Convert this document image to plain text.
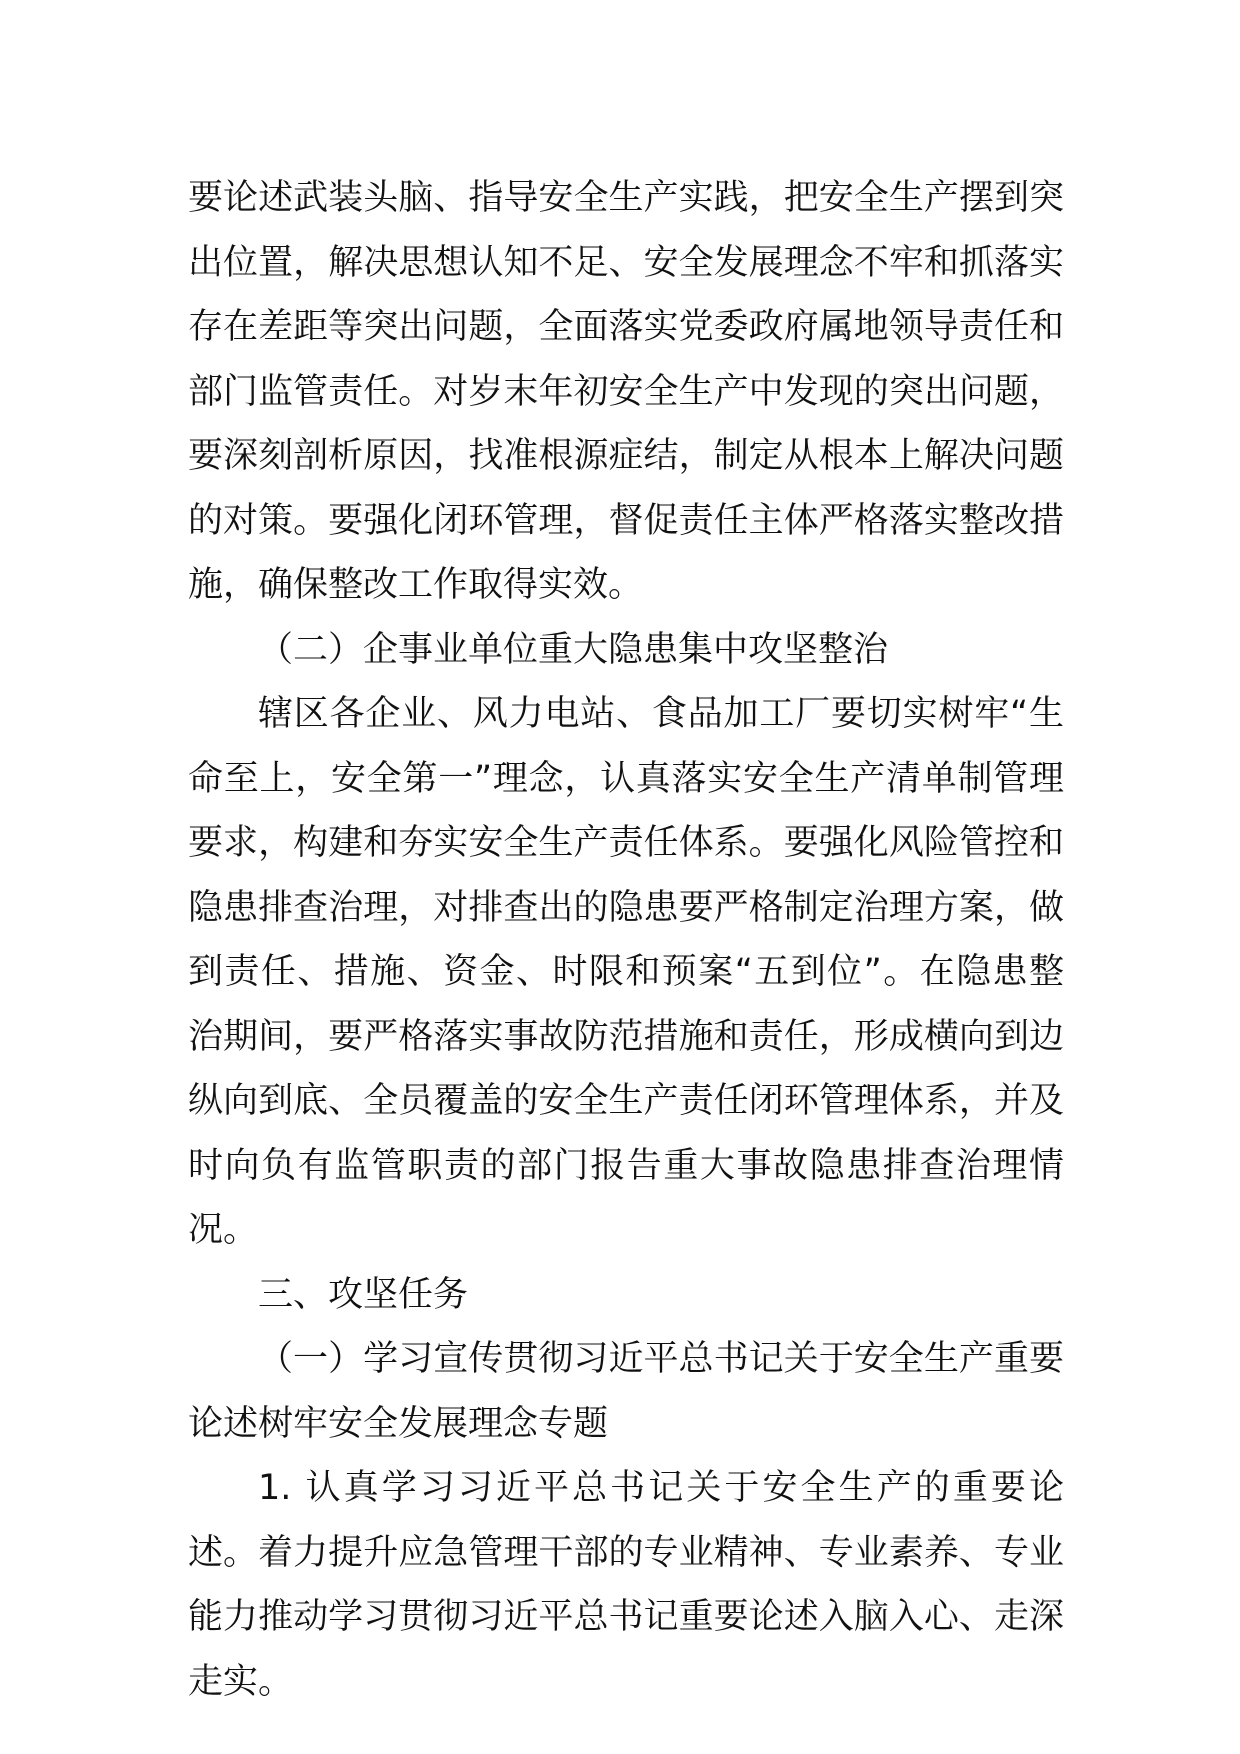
要论述武装头脑、指导安全生产实践，把安全生产摆到突出位置，解决思想认知不足、安全发展理念不牢和抓落实存在差距等突出问题，全面落实党委政府属地领导责任和部门监管责任。对岁末年初安全生产中发现的突出问题，要深刻剖析原因，找准根源症结，制定从根本上解决问题的对策。要强化闭环管理，督促责任主体严格落实整改措施，确保整改工作取得实效。

（二）企事业单位重大隐患集中攻坚整治

辖区各企业、风力电站、食品加工厂要切实树牢“生命至上，安全第一”理念，认真落实安全生产清单制管理要求，构建和夯实安全生产责任体系。要强化风险管控和隐患排查治理，对排查出的隐患要严格制定治理方案，做到责任、措施、资金、时限和预案“五到位”。在隐患整治期间，要严格落实事故防范措施和责任，形成横向到边纵向到底、全员覆盖的安全生产责任闭环管理体系，并及时向负有监管职责的部门报告重大事故隐患排查治理情况。

三、攻坚任务

（一）学习宣传贯彻习近平总书记关于安全生产重要论述树牢安全发展理念专题

1. 认真学习习近平总书记关于安全生产的重要论述。着力提升应急管理干部的专业精神、专业素养、专业能力推动学习贯彻习近平总书记重要论述入脑入心、走深走实。
